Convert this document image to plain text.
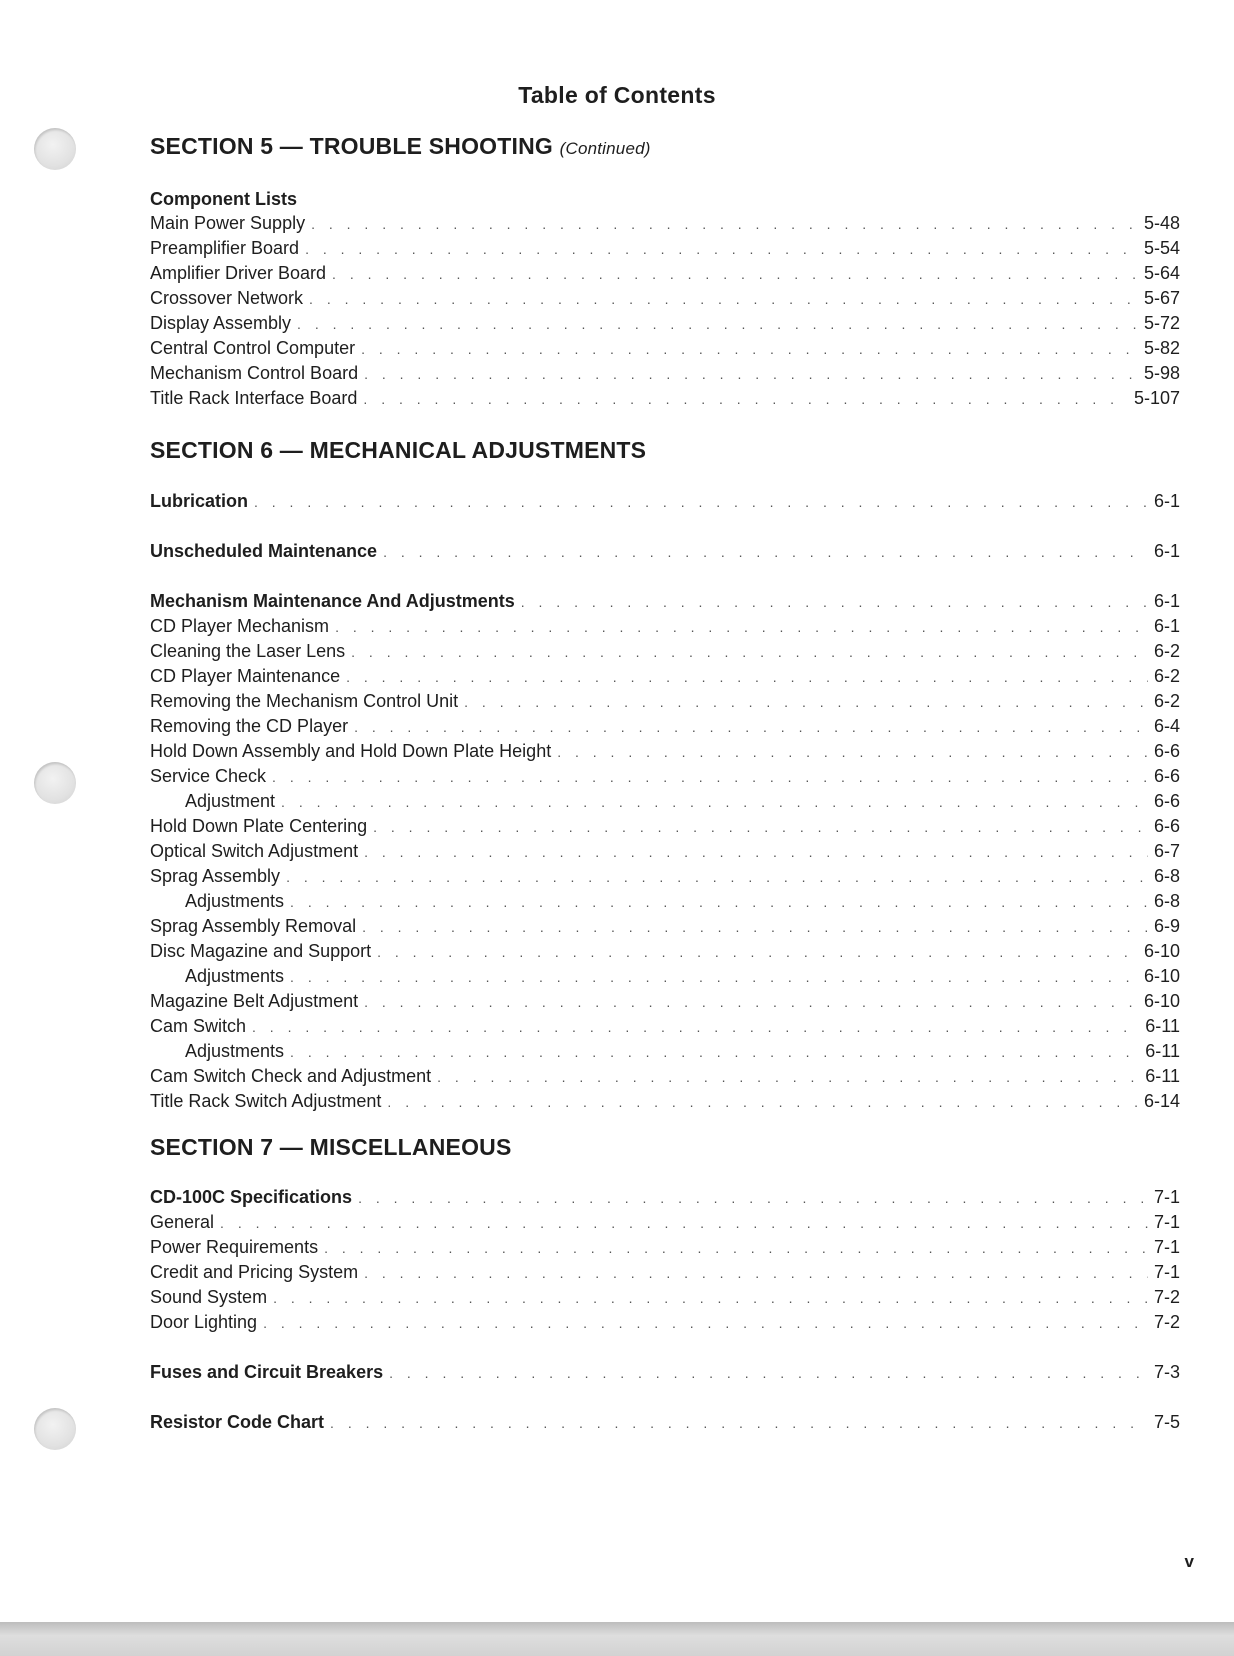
Table of Contents
SECTION 5 — TROUBLE SHOOTING (Continued)
Component Lists
Main Power Supply . . .	5-48
Preamplifier Board . . .	5-54
Amplifier Driver Board . . .	5-64
Crossover Network . . .	5-67
Display Assembly . . .	5-72
Central Control Computer . . .	5-82
Mechanism Control Board . . .	5-98
Title Rack Interface Board . . .	5-107
SECTION 6 — MECHANICAL ADJUSTMENTS
Lubrication . . .	6-1
Unscheduled Maintenance . . .	6-1
Mechanism Maintenance And Adjustments . . .	6-1
CD Player Mechanism . . .	6-1
Cleaning the Laser Lens . . .	6-2
CD Player Maintenance . . .	6-2
Removing the Mechanism Control Unit . . .	6-2
Removing the CD Player . . .	6-4
Hold Down Assembly and Hold Down Plate Height . . .	6-6
Service Check . . .	6-6
Adjustment . . .	6-6
Hold Down Plate Centering . . .	6-6
Optical Switch Adjustment . . .	6-7
Sprag Assembly . . .	6-8
Adjustments . . .	6-8
Sprag Assembly Removal . . .	6-9
Disc Magazine and Support . . .	6-10
Adjustments . . .	6-10
Magazine Belt Adjustment . . .	6-10
Cam Switch . . .	6-11
Adjustments . . .	6-11
Cam Switch Check and Adjustment . . .	6-11
Title Rack Switch Adjustment . . .	6-14
SECTION 7 — MISCELLANEOUS
CD-100C Specifications . . .	7-1
General . . .	7-1
Power Requirements . . .	7-1
Credit and Pricing System . . .	7-1
Sound System . . .	7-2
Door Lighting . . .	7-2
Fuses and Circuit Breakers . . .	7-3
Resistor Code Chart . . .	7-5
v
